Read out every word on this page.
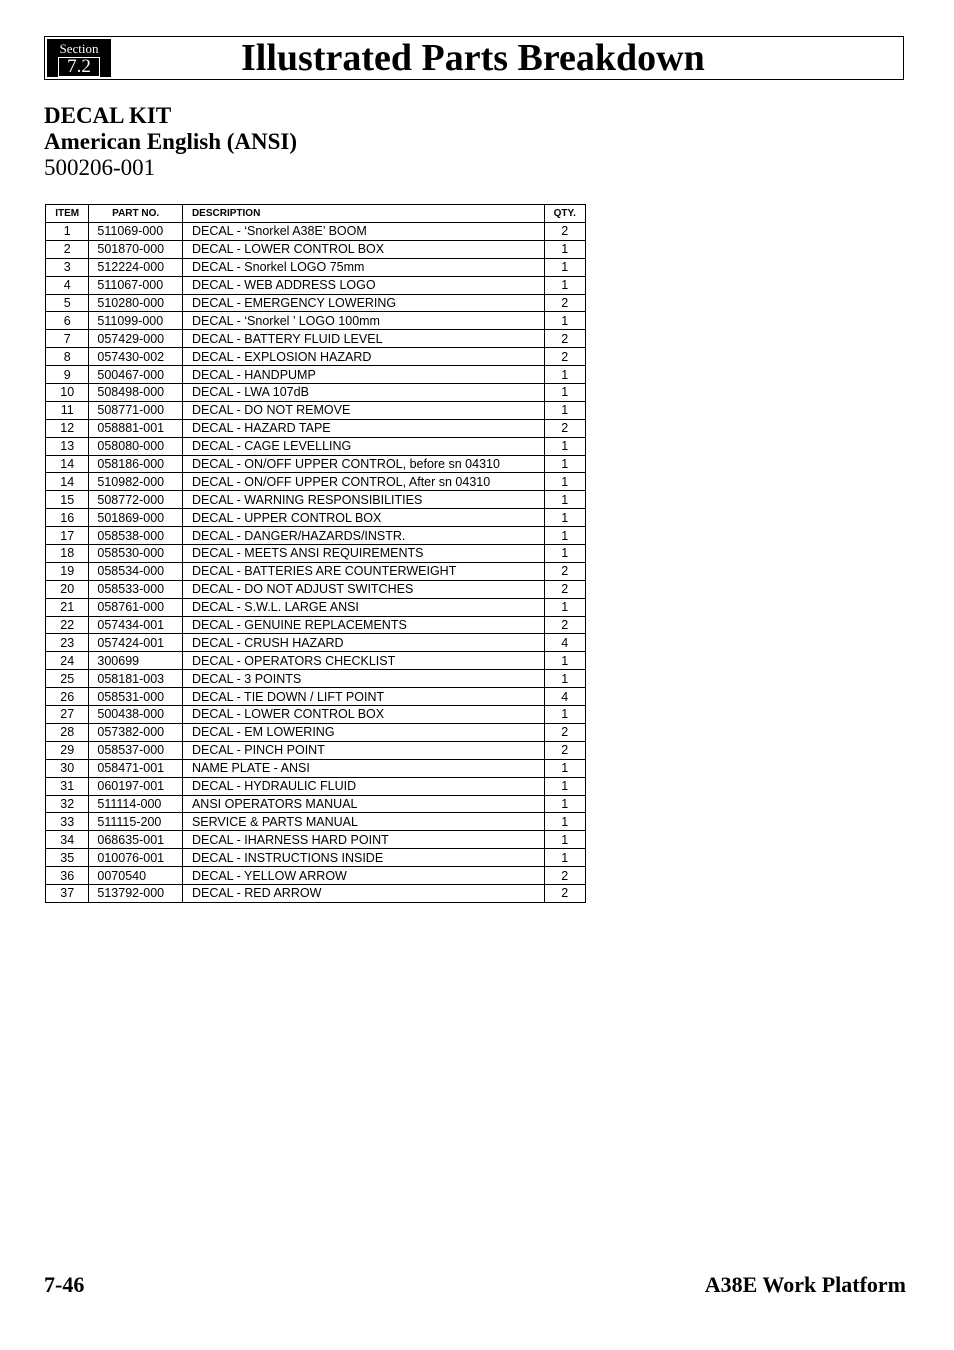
Section
7.2	Illustrated Parts Breakdown
DECAL KIT
American English (ANSI)
500206-001
ITEM	PART NO.	DESCRIPTION	QTY.
1	511069-000	DECAL - ‘Snorkel A38E’ BOOM	2
2	501870-000	DECAL - LOWER CONTROL BOX	1
3	512224-000	DECAL - Snorkel LOGO 75mm	1
4	511067-000	DECAL - WEB ADDRESS LOGO	1
5	510280-000	DECAL - EMERGENCY LOWERING	2
6	511099-000	DECAL - ‘Snorkel ’ LOGO 100mm	1
7	057429-000	DECAL - BATTERY FLUID LEVEL	2
8	057430-002	DECAL - EXPLOSION HAZARD	2
9	500467-000	DECAL - HANDPUMP	1
10	508498-000	DECAL - LWA 107dB	1
11	508771-000	DECAL - DO NOT REMOVE	1
12	058881-001	DECAL - HAZARD TAPE	2
13	058080-000	DECAL - CAGE LEVELLING	1
14	058186-000	DECAL - ON/OFF UPPER CONTROL, before sn 04310	1
14	510982-000	DECAL - ON/OFF UPPER CONTROL, After sn 04310	1
15	508772-000	DECAL - WARNING RESPONSIBILITIES	1
16	501869-000	DECAL - UPPER CONTROL BOX	1
17	058538-000	DECAL - DANGER/HAZARDS/INSTR.	1
18	058530-000	DECAL - MEETS ANSI REQUIREMENTS	1
19	058534-000	DECAL - BATTERIES ARE COUNTERWEIGHT	2
20	058533-000	DECAL - DO NOT ADJUST SWITCHES	2
21	058761-000	DECAL - S.W.L. LARGE ANSI	1
22	057434-001	DECAL - GENUINE REPLACEMENTS	2
23	057424-001	DECAL - CRUSH HAZARD	4
24	300699	DECAL - OPERATORS CHECKLIST	1
25	058181-003	DECAL - 3 POINTS	1
26	058531-000	DECAL - TIE DOWN / LIFT POINT	4
27	500438-000	DECAL - LOWER CONTROL BOX	1
28	057382-000	DECAL - EM LOWERING	2
29	058537-000	DECAL - PINCH POINT	2
30	058471-001	NAME PLATE - ANSI	1
31	060197-001	DECAL - HYDRAULIC FLUID	1
32	511114-000	ANSI OPERATORS MANUAL	1
33	511115-200	SERVICE & PARTS MANUAL	1
34	068635-001	DECAL - IHARNESS HARD POINT	1
35	010076-001	DECAL - INSTRUCTIONS INSIDE	1
36	0070540	DECAL - YELLOW ARROW	2
37	513792-000	DECAL - RED ARROW	2
7-46	A38E Work Platform
